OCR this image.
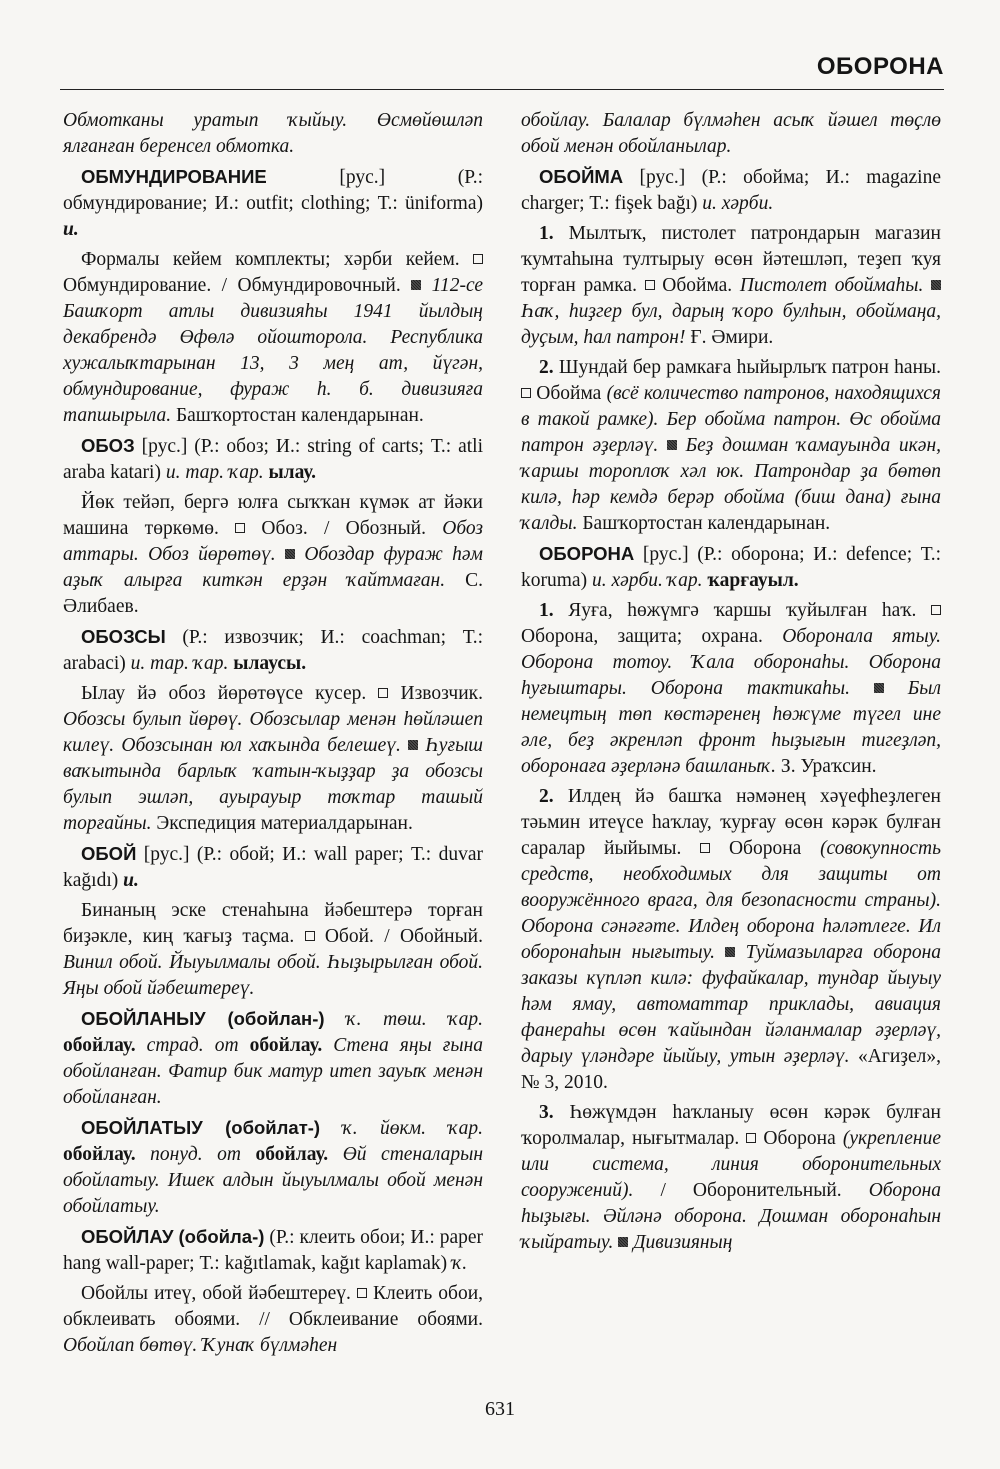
ОБОРОНА

Обмотканы уратып ҡыйыу. Өсмөйөшләп ялғанған беренсел обмотка.

ОБМУНДИРОВАНИЕ [рус.] (Р.: обмундирование; И.: outfit; clothing; Т.: üniforma) и.

Формалы кейем комплекты; хәрби кейем.  Обмундирование. / Обмундировочный.  112-се Башҡорт атлы дивизияһы 1941 йылдың декабрендә Өфөлә ойошторолa. Республика хужалыҡтарынан 13, 3 мең ат, йүгән, обмундирование, фураж һ. б. дивизияға тапшырыла. Башҡортостан календарынан.

ОБОЗ [рус.] (Р.: обоз; И.: string of carts; Т.: atli araba katari) и. тар. ҡар. ылау.

Йөк тейәп, бергә юлға сыҡҡан күмәк ат йәки машина төркөмө.  Обоз. / Обозный. Обоз аттары. Обоз йөрөтөү.  Обоздар фураж һәм аҙыҡ алырға киткән ерҙән ҡайтмаған. С. Әлибаев.

ОБОЗСЫ (Р.: извозчик; И.: coachman; Т.: arabaci) и. тар. ҡар. ылаусы.

Ылау йә обоз йөрөтөүсе кусер.  Извозчик. Обозсы булып йөрөү. Обозсылар менән һөйләшеп килеү. Обозсынан юл хаҡында белешеү.  Һуғыш ваҡытында барлыҡ ҡатын-ҡыҙҙар ҙа обозсы булып эшләп, ауырауыр тоҡтар ташый торғайны. Экспедиция материалдарынан.

ОБОЙ [рус.] (Р.: обой; И.: wall paper; Т.: duvar kağıdı) и.

Бинаның эске стенаһына йәбештерә торған биҙәкле, киң ҡағыҙ таҫма.  Обой. / Обойный. Винил обой. Йыуылмалы обой. Һыҙырылған обой. Яңы обой йәбештереү.

ОБОЙЛАНЫУ (обойлан-) ҡ. төш. ҡар. обойлау. страд. от обойлау. Стена яңы ғына обойланған. Фатир бик матур итеп зауыҡ менән обойланған.

ОБОЙЛАТЫУ (обойлат-) ҡ. йөкм. ҡар. обойлау. понуд. от обойлау. Өй стеналарын обойлатыу. Ишек алдын йыуылмалы обой менән обойлатыу.

ОБОЙЛАУ (обойла-) (Р.: клеить обои; И.: paper hang wall-paper; Т.: kağıtlamak, kağıt kaplamak) ҡ.

Обойлы итеү, обой йәбештереү.  Клеить обои, обклеивать обоями. // Обклеивание обоями. Обойлап бөтөү. Ҡунаҡ бүлмәһен

обойлау. Балалар бүлмәһен асыҡ йәшел төҫлө обой менән обойланылар.

ОБОЙМА [рус.] (Р.: обойма; И.: magazine charger; Т.: fişek bağı) и. хәрби.

1. Мылтыҡ, пистолет патрондарын магазин ҡумтаһына тултырыу өсөн йәтешләп, теҙеп ҡуя торған рамка.  Обойма. Пистолет обоймаһы.  Һаҡ, һиҙгер бул, дарың ҡоро булһын, обоймаңа, дуҫым, һал патрон! Ғ. Әмири.

2. Шундай бер рамкаға һыйырлыҡ патрон һаны.  Обойма (всё количество патронов, находящихся в такой рамке). Бер обойма патрон. Өс обойма патрон әҙерләү.  Беҙ дошман ҡамауында икән, ҡаршы тороплоҡ хәл юк. Патрондар ҙа бөтөп килә, һәр кемдә берәр обойма (биш дана) ғына ҡалды. Башҡортостан календарынан.

ОБОРОНА [рус.] (Р.: оборона; И.: defence; Т.: koruma) и. хәрби. ҡар. ҡарғауыл.

1. Яуға, һөжүмгә ҡаршы ҡуйылған һаҡ.  Оборона, защита; охрана. Оборонала ятыу. Оборона тотоу. Ҡала оборонаһы. Оборона һуғыштары. Оборона тактикаһы.  Был немецтың төп көстәренең һөжүме түгел ине әле, беҙ әкренләп фронт һыҙығын тигеҙләп, оборонаға әҙерләнә башланыҡ. З. Ураҡсин.

2. Илдең йә башҡа нәмәнең хәүефһеҙлеген тәьмин итеүсе һаҡлау, ҡурғау өсөн кәрәк булған саралар йыйымы.  Оборона (совокупность средств, необходимых для защиты от вооружённого врага, для безопасности страны). Оборона сәнәғәте. Илдең оборона һәләтлеге. Ил оборонаһын нығытыу.  Туймазыларға оборона заказы күпләп килә: фуфайкалар, тундар йыуыу һәм ямау, автоматтар приклады, авиация фанераһы өсөн ҡайындан йәланмалар әҙерләү, дарыу үләндәре йыйыу, утын әҙерләү. «Агиҙел», № 3, 2010.

3. Һөжүмдән һаҡланыу өсөн кәрәк булған ҡоролмалар, нығытмалар.  Оборона (укрепление или система, линия оборонительных сооружений). / Оборонительный. Оборона һыҙығы. Әйләнә оборона. Дошман оборонаһын ҡыйратыу.  Дивизияның

631
